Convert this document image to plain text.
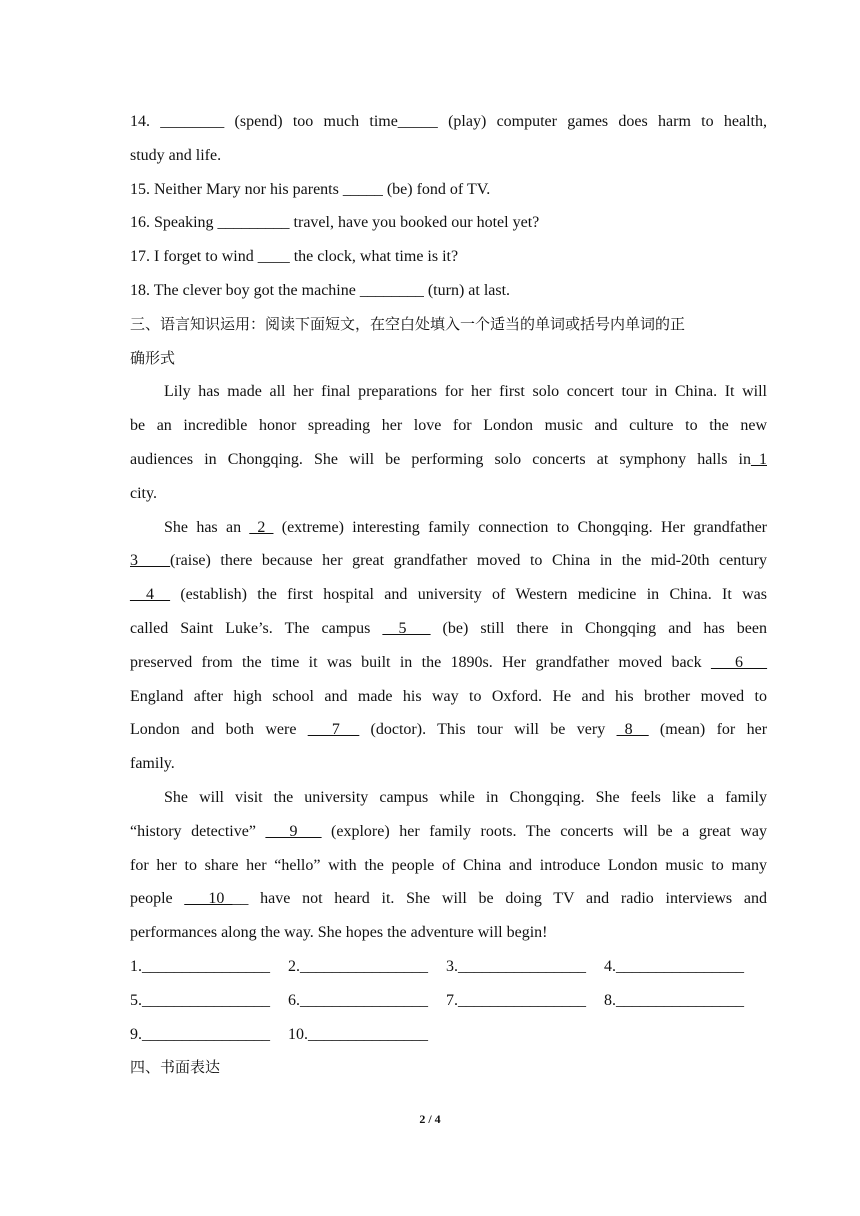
14. ________ (spend) too much time_____ (play) computer games does harm to health,
study and life.
15. Neither Mary nor his parents _____ (be) fond of TV.
16. Speaking _________ travel, have you booked our hotel yet?
17. I forget to wind ____ the clock, what time is it?
18. The clever boy got the machine ________ (turn) at last.
三、语言知识运用：阅读下面短文，在空白处填入一个适当的单词或括号内单词的正
确形式
Lily has made all her final preparations for her first solo concert tour in China. It will
be an incredible honor spreading her love for London music and culture to the new
audiences in Chongqing. She will be performing solo concerts at symphony halls in_1
city.
She has an _2_ (extreme) interesting family connection to Chongqing. Her grandfather
3____(raise) there because her great grandfather moved to China in the mid-20th century
__4__ (establish) the first hospital and university of Western medicine in China. It was
called Saint Luke’s. The campus __5___ (be) still there in Chongqing and has been
preserved from the time it was built in the 1890s. Her grandfather moved back ___6___
England after high school and made his way to Oxford. He and his brother moved to
London and both were ___7 _ (doctor). This tour will be very _8__ (mean) for her
family.
She will visit the university campus while in Chongqing. She feels like a family
“history detective” ___9___ (explore) her family roots. The concerts will be a great way
for her to share her “hello” with the people of China and introduce London music to many
people ___10___ have not heard it. She will be doing TV and radio interviews and
performances along the way. She hopes the adventure will begin!
1.________________	2.________________	3.________________	4.________________
5.________________	6.________________	7.________________	8.________________
9.________________	10._______________
四、书面表达
2 / 4
